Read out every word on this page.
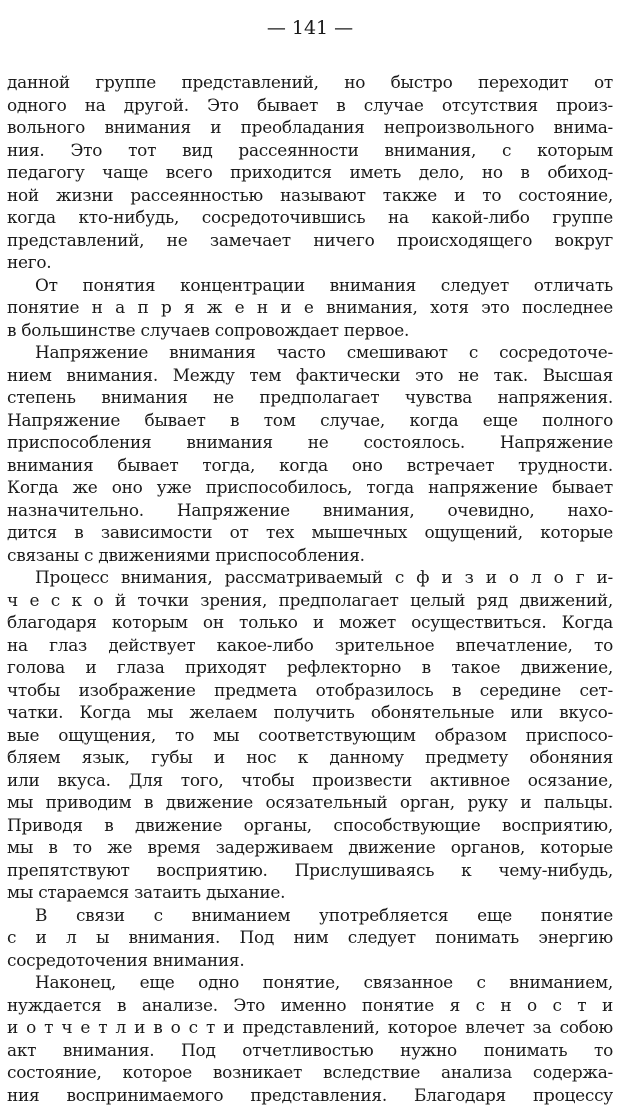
— 141 —
данной группе представлений, но быстро переходит от
одного на другой. Это бывает в случае отсутствия произ-
вольного внимания и преобладания непроизвольного внима-
ния. Это тот вид рассеянности внимания, с которым
педагогу чаще всего приходится иметь дело, но в обиход-
ной жизни рассеянностью называют также и то состояние,
когда кто-нибудь, сосредоточившись на какой-либо группе
представлений, не замечает ничего происходящего вокруг
него.
От понятия концентрации внимания следует отличать
понятие н а п р я ж е н и е внимания, хотя это последнее
в большинстве случаев сопровождает первое.
Напряжение внимания часто смешивают с сосредоточе-
нием внимания. Между тем фактически это не так. Высшая
степень внимания не предполагает чувства напряжения.
Напряжение бывает в том случае, когда еще полного
приспособления внимания не состоялось. Напряжение
внимания бывает тогда, когда оно встречает трудности.
Когда же оно уже приспособилось, тогда напряжение бывает
назначительно. Напряжение внимания, очевидно, нахо-
дится в зависимости от тех мышечных ощущений, которые
связаны с движениями приспособления.
Процесс внимания, рассматриваемый с ф и з и о л о г и-
ч е с к о й точки зрения, предполагает целый ряд движений,
благодаря которым он только и может осуществиться. Когда
на глаз действует какое-либо зрительное впечатление, то
голова и глаза приходят рефлекторно в такое движение,
чтобы изображение предмета отобразилось в середине сет-
чатки. Когда мы желаем получить обонятельные или вкусо-
вые ощущения, то мы соответствующим образом приспосо-
бляем язык, губы и нос к данному предмету обоняния
или вкуса. Для того, чтобы произвести активное осязание,
мы приводим в движение осязательный орган, руку и пальцы.
Приводя в движение органы, способствующие восприятию,
мы в то же время задерживаем движение органов, которые
препятствуют восприятию. Прислушиваясь к чему-нибудь,
мы стараемся затаить дыхание.
В связи с вниманием употребляется еще понятие
с и л ы внимания. Под ним следует понимать энергию
сосредоточения внимания.
Наконец, еще одно понятие, связанное с вниманием,
нуждается в анализе. Это именно понятие я с н о с т и
и о т ч е т л и в о с т и представлений, которое влечет за собою
акт внимания. Под отчетливостью нужно понимать то
состояние, которое возникает вследствие анализа содержа-
ния воспринимаемого представления. Благодаря процессу
